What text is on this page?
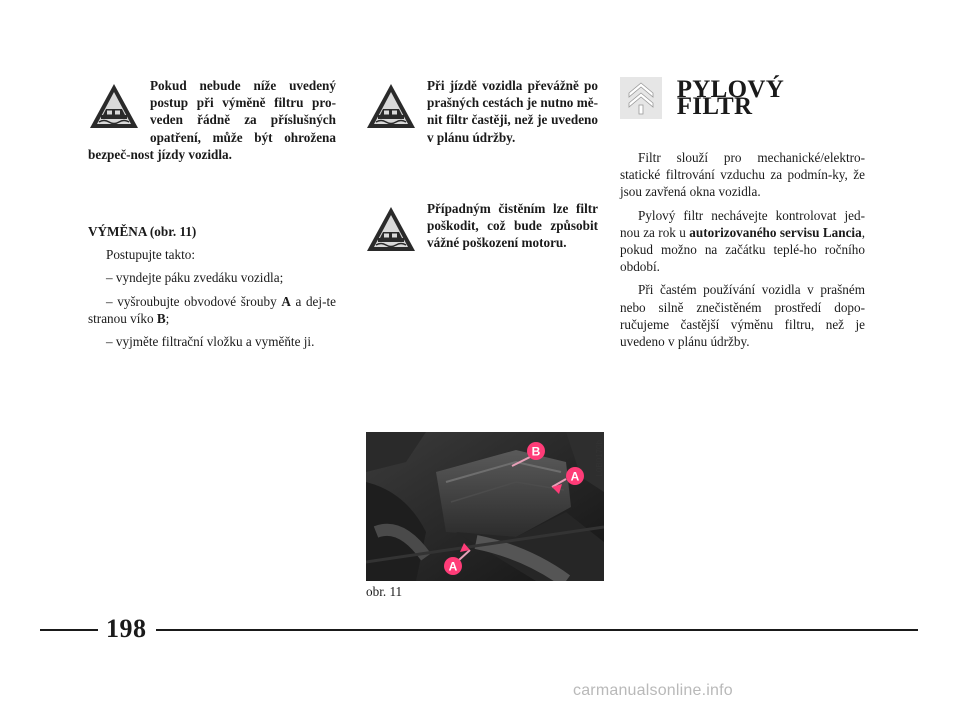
Pokud nebude níže uvedený postup při výměně filtru pro-veden řádně za příslušných opatření, může být ohrožena bezpeč-nost jízdy vozidla.
VÝMĚNA (obr. 11)

Postupujte takto:

– vyndejte páku zvedáku vozidla;

– vyšroubujte obvodové šrouby A a dej-te stranou víko B;

– vyjměte filtrační vložku a vyměňte ji.

Při jízdě vozidla převážně po prašných cestách je nutno mě-nit filtr častěji, než je uvedeno v plánu údržby.
Případným čistěním lze filtr poškodit, což bude způsobit vážné poškození motoru.
PYLOVÝ FILTR

Filtr slouží pro mechanické/elektro-statické filtrování vzduchu za podmín-ky, že jsou zavřená okna vozidla.

Pylový filtr nechávejte kontrolovat jed-nou za rok u autorizovaného servisu Lancia, pokud možno na začátku teplé-ho ročního období.

Při častém používání vozidla v prašném nebo silně znečistěném prostředí dopo-ručujeme častější výměnu filtru, než je uvedeno v plánu údržby.

B
A
A
L0B0170b
obr. 11
198
carmanualsonline.info
